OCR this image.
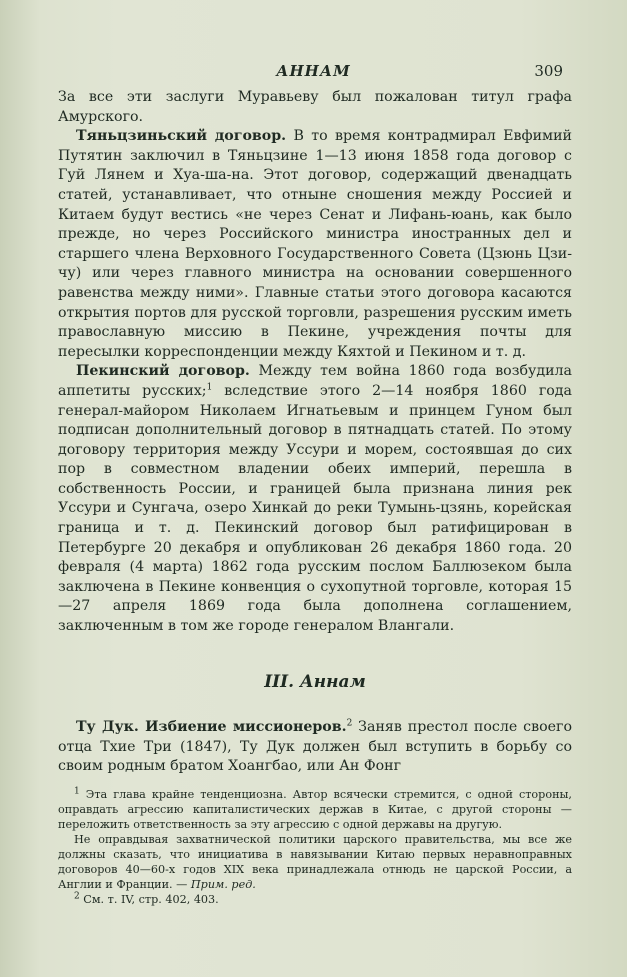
АННАМ	309

За все эти заслуги Муравьеву был пожалован титул графа Амурского.

Тяньцзиньский договор. В то время контрадмирал Евфимий Путятин заключил в Тяньцзине 1—13 июня 1858 года договор с Гуй Лянем и Хуа-ша-на. Этот договор, содержащий двенадцать статей, устанавливает, что отныне сношения между Россией и Китаем будут вестись «не через Сенат и Лифань-юань, как было прежде, но через Российского министра иностранных дел и старшего члена Верховного Государственного Совета (Цзюнь Цзи-чу) или через главного министра на основании совершенного равенства между ними». Главные статьи этого договора касаются открытия портов для русской торговли, разрешения русским иметь православную миссию в Пекине, учреждения почты для пересылки корреспонденции между Кяхтой и Пекином и т. д.

Пекинский договор. Между тем война 1860 года возбудила аппетиты русских;$^1$ вследствие этого 2—14 ноября 1860 года генерал-майором Николаем Игнатьевым и принцем Гуном был подписан дополнительный договор в пятнадцать статей. По этому договору территория между Уссури и морем, состоявшая до сих пор в совместном владении обеих империй, перешла в собственность России, и границей была признана линия рек Уссури и Сунгача, озеро Хинкай до реки Тумынь-цзянь, корейская граница и т. д. Пекинский договор был ратифицирован в Петербурге 20 декабря и опубликован 26 декабря 1860 года. 20 февраля (4 марта) 1862 года русским послом Баллюзеком была заключена в Пекине конвенция о сухопутной торговле, которая 15—27 апреля 1869 года была дополнена соглашением, заключенным в том же городе генералом Влангали.

III. Аннам

Ту Дук. Избиение миссионеров.$^2$ Заняв престол после своего отца Тхие Три (1847), Ту Дук должен был вступить в борьбу со своим родным братом Хоангбао, или Ан Фонг

$^1$ Эта глава крайне тенденциозна. Автор всячески стремится, с одной стороны, оправдать агрессию капиталистических держав в Китае, с другой стороны — переложить ответственность за эту агрессию с одной державы на другую.

Не оправдывая захватнической политики царского правительства, мы все же должны сказать, что инициатива в навязывании Китаю первых неравноправных договоров 40—60-х годов XIX века принадлежала отнюдь не царской России, а Англии и Франции. — Прим. ред.

$^2$ См. т. IV, стр. 402, 403.
